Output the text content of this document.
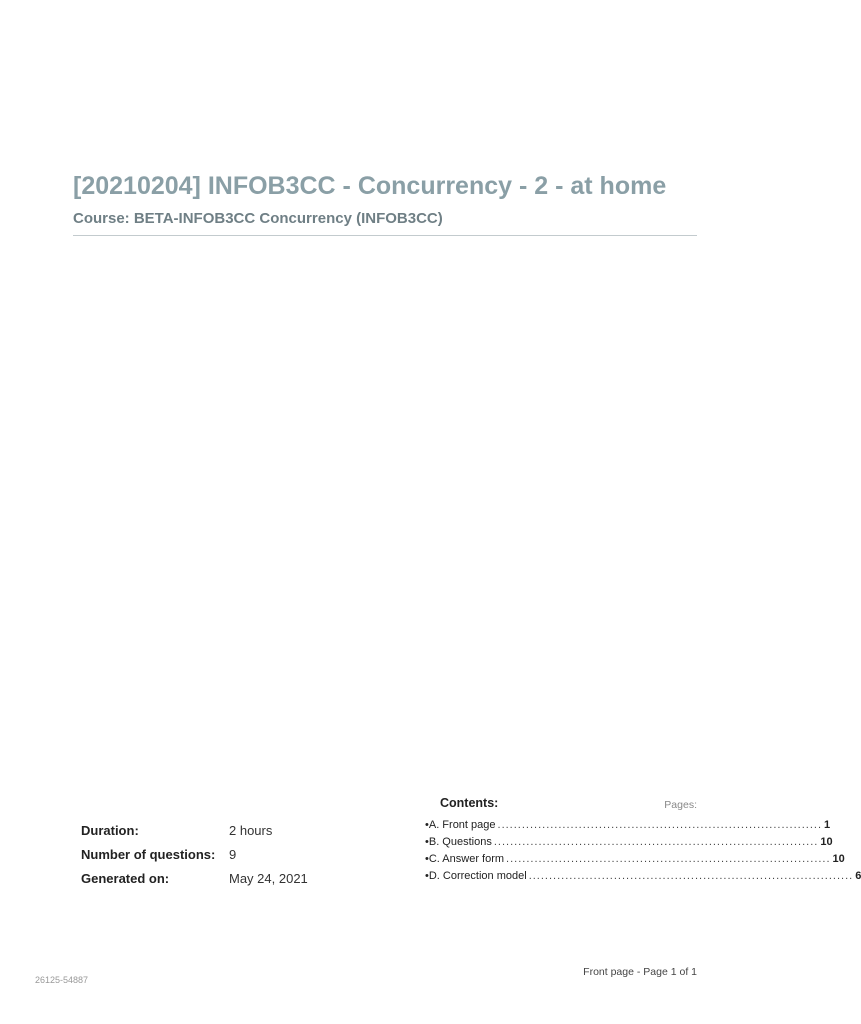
[20210204] INFOB3CC - Concurrency - 2 - at home
Course: BETA-INFOB3CC Concurrency (INFOB3CC)
Duration:	2 hours
Number of questions:	9
Generated on:	May 24, 2021
Contents:	Pages:
• A. Front page ................................................................................ 1
• B. Questions ................................................................................ 10
• C. Answer form ................................................................................ 10
• D. Correction model ................................................................................ 6
26125-54887
Front page - Page 1 of 1
